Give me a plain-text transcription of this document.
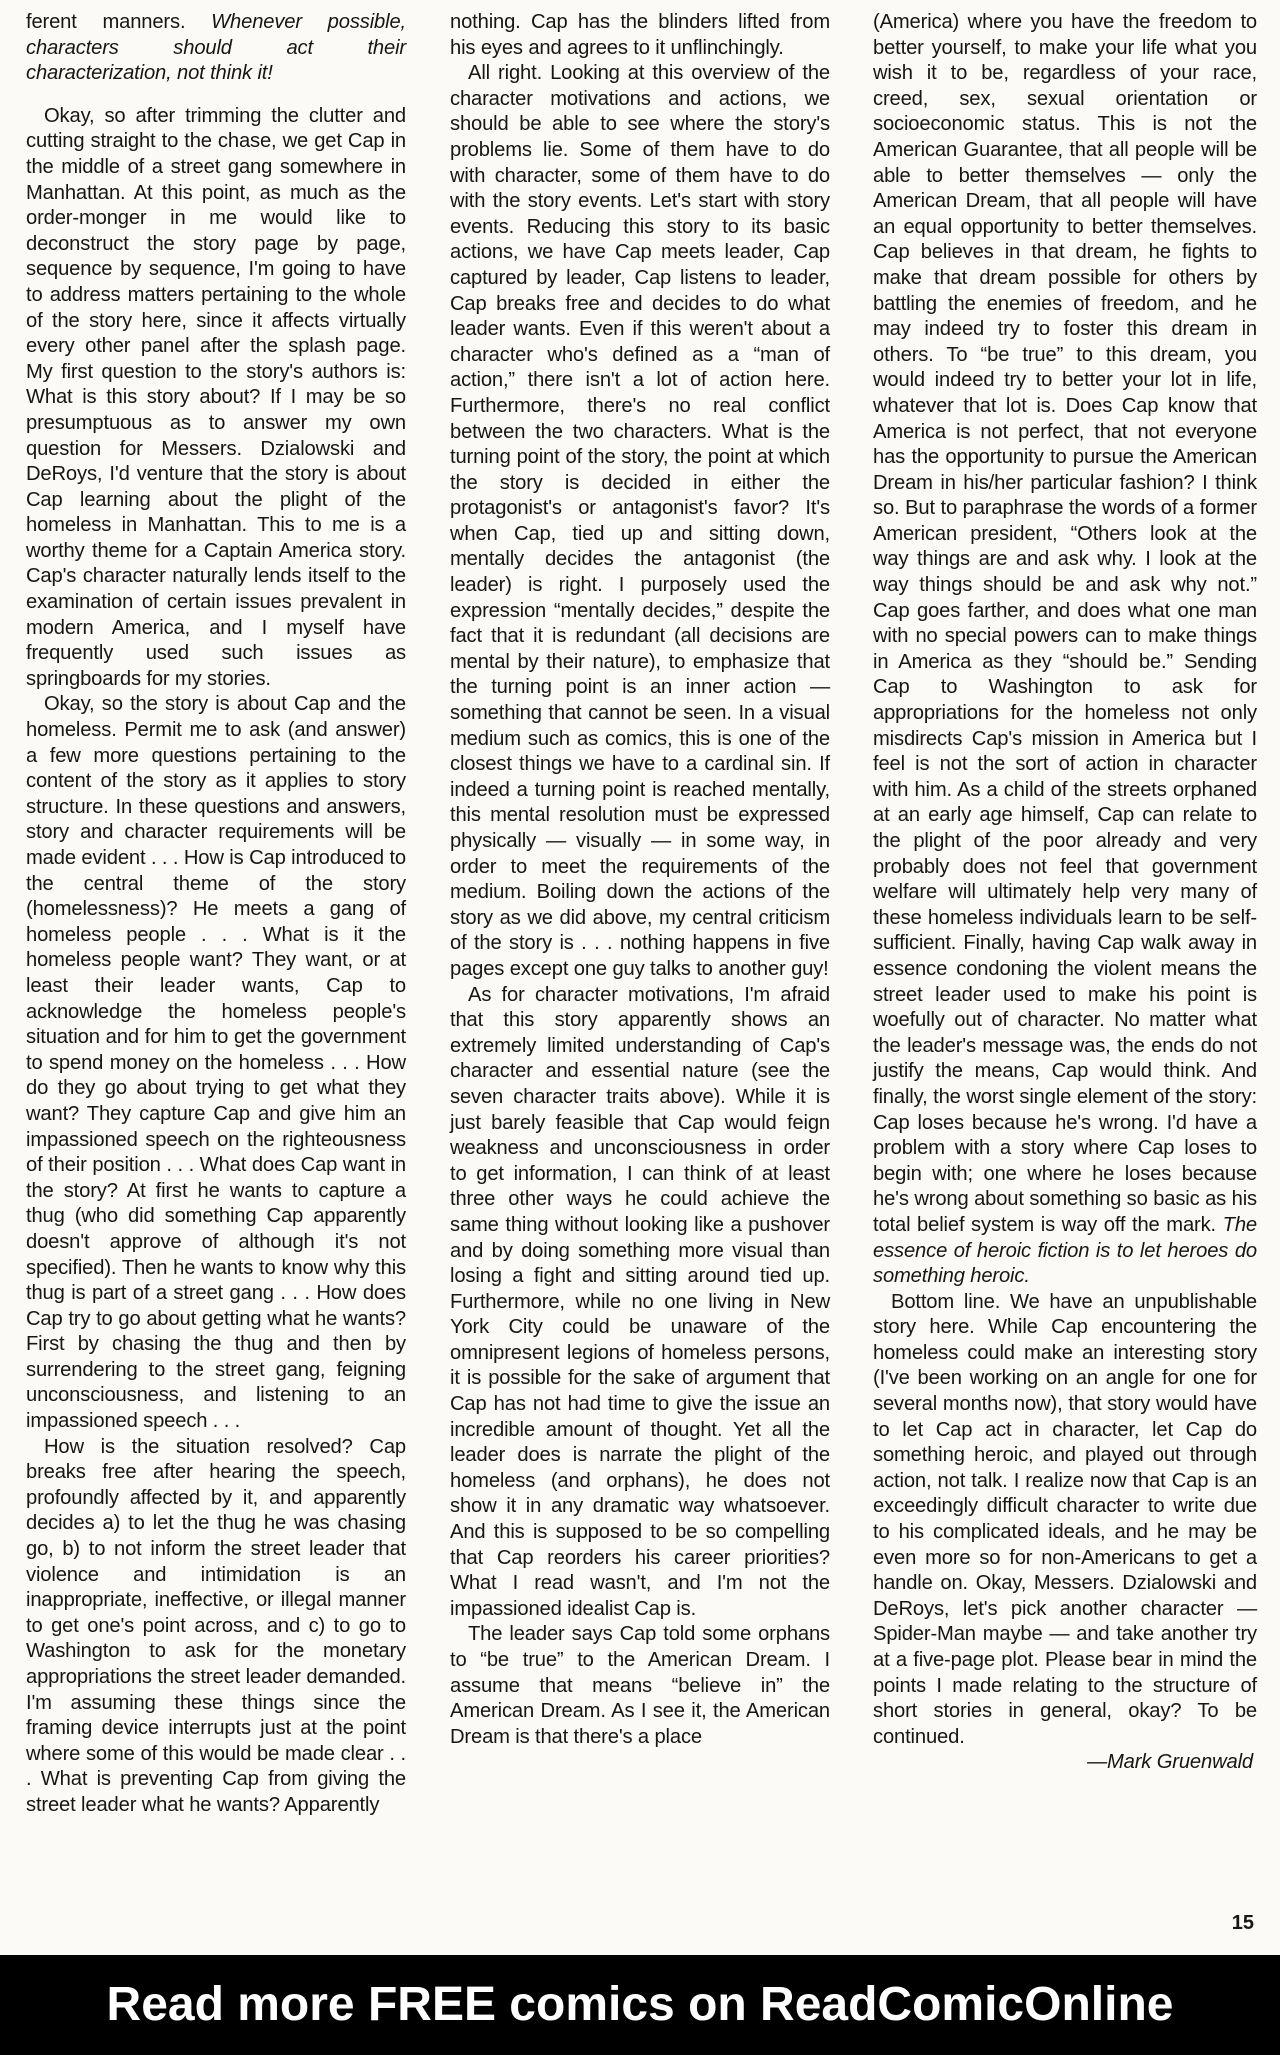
ferent manners. Whenever possible, characters should act their characterization, not think it!

Okay, so after trimming the clutter and cutting straight to the chase, we get Cap in the middle of a street gang somewhere in Manhattan. At this point, as much as the order-monger in me would like to deconstruct the story page by page, sequence by sequence, I'm going to have to address matters pertaining to the whole of the story here, since it affects virtually every other panel after the splash page. My first question to the story's authors is: What is this story about? If I may be so presumptuous as to answer my own question for Messers. Dzialowski and DeRoys, I'd venture that the story is about Cap learning about the plight of the homeless in Manhattan. This to me is a worthy theme for a Captain America story. Cap's character naturally lends itself to the examination of certain issues prevalent in modern America, and I myself have frequently used such issues as springboards for my stories.

Okay, so the story is about Cap and the homeless. Permit me to ask (and answer) a few more questions pertaining to the content of the story as it applies to story structure. In these questions and answers, story and character requirements will be made evident . . . How is Cap introduced to the central theme of the story (homelessness)? He meets a gang of homeless people . . . What is it the homeless people want? They want, or at least their leader wants, Cap to acknowledge the homeless people's situation and for him to get the government to spend money on the homeless . . . How do they go about trying to get what they want? They capture Cap and give him an impassioned speech on the righteousness of their position . . . What does Cap want in the story? At first he wants to capture a thug (who did something Cap apparently doesn't approve of although it's not specified). Then he wants to know why this thug is part of a street gang . . . How does Cap try to go about getting what he wants? First by chasing the thug and then by surrendering to the street gang, feigning unconsciousness, and listening to an impassioned speech . . .

How is the situation resolved? Cap breaks free after hearing the speech, profoundly affected by it, and apparently decides a) to let the thug he was chasing go, b) to not inform the street leader that violence and intimidation is an inappropriate, ineffective, or illegal manner to get one's point across, and c) to go to Washington to ask for the monetary appropriations the street leader demanded. I'm assuming these things since the framing device interrupts just at the point where some of this would be made clear . . . What is preventing Cap from giving the street leader what he wants? Apparently

nothing. Cap has the blinders lifted from his eyes and agrees to it unflinchingly.

All right. Looking at this overview of the character motivations and actions, we should be able to see where the story's problems lie. Some of them have to do with character, some of them have to do with the story events. Let's start with story events. Reducing this story to its basic actions, we have Cap meets leader, Cap captured by leader, Cap listens to leader, Cap breaks free and decides to do what leader wants. Even if this weren't about a character who's defined as a “man of action,” there isn't a lot of action here. Furthermore, there's no real conflict between the two characters. What is the turning point of the story, the point at which the story is decided in either the protagonist's or antagonist's favor? It's when Cap, tied up and sitting down, mentally decides the antagonist (the leader) is right. I purposely used the expression “mentally decides,” despite the fact that it is redundant (all decisions are mental by their nature), to emphasize that the turning point is an inner action — something that cannot be seen. In a visual medium such as comics, this is one of the closest things we have to a cardinal sin. If indeed a turning point is reached mentally, this mental resolution must be expressed physically — visually — in some way, in order to meet the requirements of the medium. Boiling down the actions of the story as we did above, my central criticism of the story is . . . nothing happens in five pages except one guy talks to another guy!

As for character motivations, I'm afraid that this story apparently shows an extremely limited understanding of Cap's character and essential nature (see the seven character traits above). While it is just barely feasible that Cap would feign weakness and unconsciousness in order to get information, I can think of at least three other ways he could achieve the same thing without looking like a pushover and by doing something more visual than losing a fight and sitting around tied up. Furthermore, while no one living in New York City could be unaware of the omnipresent legions of homeless persons, it is possible for the sake of argument that Cap has not had time to give the issue an incredible amount of thought. Yet all the leader does is narrate the plight of the homeless (and orphans), he does not show it in any dramatic way whatsoever. And this is supposed to be so compelling that Cap reorders his career priorities? What I read wasn't, and I'm not the impassioned idealist Cap is.

The leader says Cap told some orphans to “be true” to the American Dream. I assume that means “believe in” the American Dream. As I see it, the American Dream is that there's a place

(America) where you have the freedom to better yourself, to make your life what you wish it to be, regardless of your race, creed, sex, sexual orientation or socioeconomic status. This is not the American Guarantee, that all people will be able to better themselves — only the American Dream, that all people will have an equal opportunity to better themselves. Cap believes in that dream, he fights to make that dream possible for others by battling the enemies of freedom, and he may indeed try to foster this dream in others. To “be true” to this dream, you would indeed try to better your lot in life, whatever that lot is. Does Cap know that America is not perfect, that not everyone has the opportunity to pursue the American Dream in his/her particular fashion? I think so. But to paraphrase the words of a former American president, “Others look at the way things are and ask why. I look at the way things should be and ask why not.” Cap goes farther, and does what one man with no special powers can to make things in America as they “should be.” Sending Cap to Washington to ask for appropriations for the homeless not only misdirects Cap's mission in America but I feel is not the sort of action in character with him. As a child of the streets orphaned at an early age himself, Cap can relate to the plight of the poor already and very probably does not feel that government welfare will ultimately help very many of these homeless individuals learn to be self-sufficient. Finally, having Cap walk away in essence condoning the violent means the street leader used to make his point is woefully out of character. No matter what the leader's message was, the ends do not justify the means, Cap would think. And finally, the worst single element of the story: Cap loses because he's wrong. I'd have a problem with a story where Cap loses to begin with; one where he loses because he's wrong about something so basic as his total belief system is way off the mark. The essence of heroic fiction is to let heroes do something heroic.

Bottom line. We have an unpublishable story here. While Cap encountering the homeless could make an interesting story (I've been working on an angle for one for several months now), that story would have to let Cap act in character, let Cap do something heroic, and played out through action, not talk. I realize now that Cap is an exceedingly difficult character to write due to his complicated ideals, and he may be even more so for non-Americans to get a handle on. Okay, Messers. Dzialowski and DeRoys, let's pick another character — Spider-Man maybe — and take another try at a five-page plot. Please bear in mind the points I made relating to the structure of short stories in general, okay? To be continued.

—Mark Gruenwald

15
Read more FREE comics on ReadComicOnline
